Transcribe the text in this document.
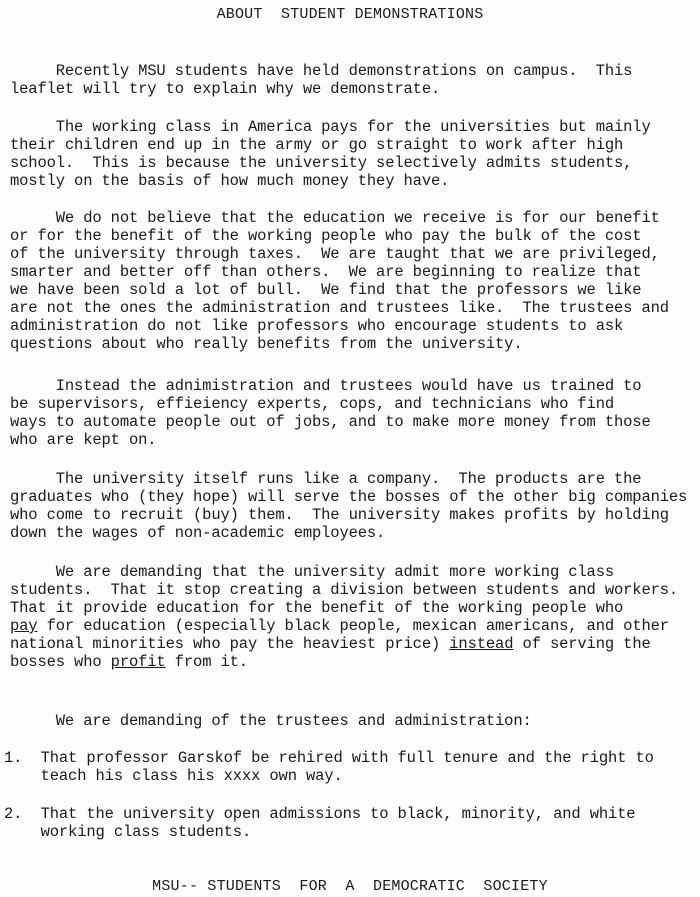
ABOUT  STUDENT DEMONSTRATIONS
Recently MSU students have held demonstrations on campus.  This
leaflet will try to explain why we demonstrate.
The working class in America pays for the universities but mainly
their children end up in the army or go straight to work after high
school.  This is because the university selectively admits students,
mostly on the basis of how much money they have.
We do not believe that the education we receive is for our benefit
or for the benefit of the working people who pay the bulk of the cost
of the university through taxes.  We are taught that we are privileged,
smarter and better off than others.  We are beginning to realize that
we have been sold a lot of bull.  We find that the professors we like
are not the ones the administration and trustees like.  The trustees and
administration do not like professors who encourage students to ask
questions about who really benefits from the university.
Instead the adnimistration and trustees would have us trained to
be supervisors, effieiency experts, cops, and technicians who find
ways to automate people out of jobs, and to make more money from those
who are kept on.
The university itself runs like a company.  The products are the
graduates who (they hope) will serve the bosses of the other big companies
who come to recruit (buy) them.  The university makes profits by holding
down the wages of non-academic employees.
We are demanding that the university admit more working class
students.  That it stop creating a division between students and workers.
That it provide education for the benefit of the working people who
pay for education (especially black people, mexican americans, and other
national minorities who pay the heaviest price) instead of serving the
bosses who profit from it.
We are demanding of the trustees and administration:
1.  That professor Garskof be rehired with full tenure and the right to
teach his class his xxxx own way.
2.  That the university open admissions to black, minority, and white
working class students.
MSU-- STUDENTS  FOR  A  DEMOCRATIC  SOCIETY
